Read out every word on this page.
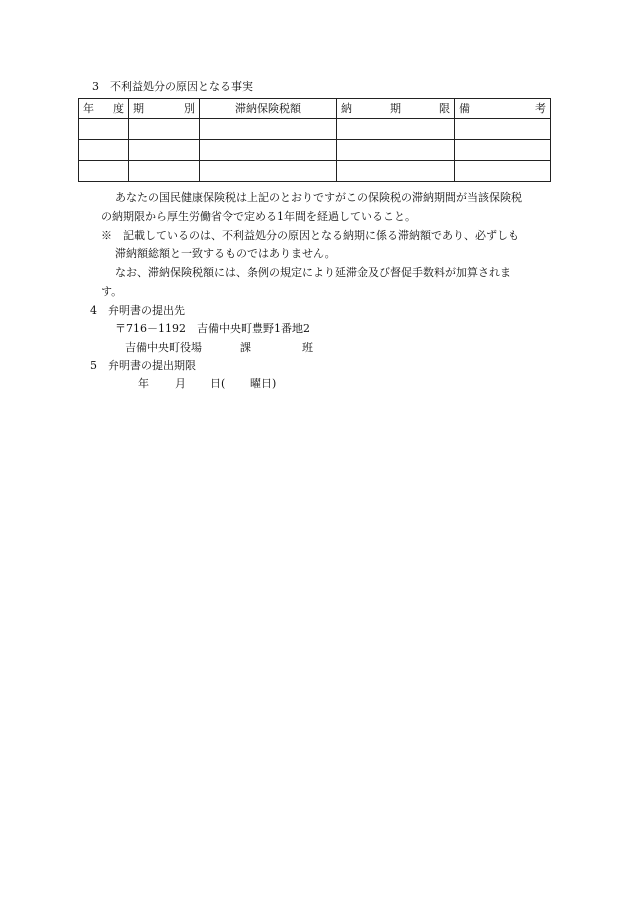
3　不利益処分の原因となる事実
年 度	期 別	滞納保険税額	納 期 限	備 考

あなたの国民健康保険税は上記のとおりですがこの保険税の滞納期間が当該保険税
の納期限から厚生労働省令で定める1年間を経過していること。
※　記載しているのは、不利益処分の原因となる納期に係る滞納額であり、必ずしも
滞納額総額と一致するものではありません。
なお、滞納保険税額には、条例の規定により延滞金及び督促手数料が加算されま
す。
4　弁明書の提出先
〒716－1192　吉備中央町豊野1番地2
吉備中央町役場	課	班
5　弁明書の提出期限
年 月 日( 曜日)
